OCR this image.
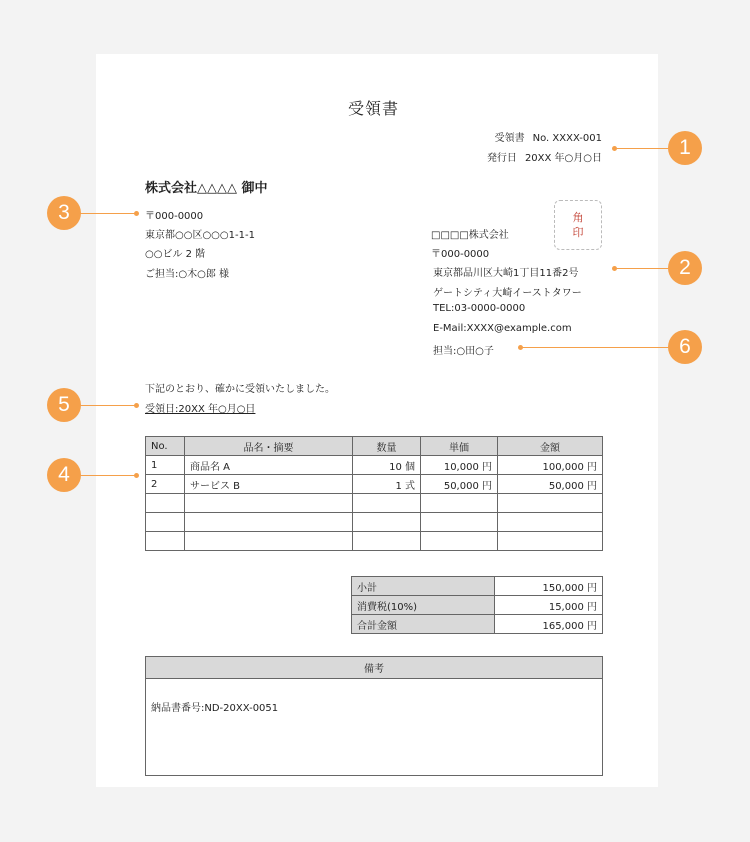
受領書
受領書 No. XXXX-001
発行日 20XX 年○月○日
株式会社△△△△ 御中
〒000-0000
東京都○○区○○○1-1-1
○○ビル 2 階
ご担当:○木○郎 様
角
印
□□□□株式会社
〒000-0000
東京都品川区大崎1丁目11番2号
ゲートシティ大崎イーストタワー
TEL:03-0000-0000
E-Mail:XXXX@example.com
担当:○田○子
下記のとおり、確かに受領いたしました。
受領日:20XX 年○月○日
No.	品名・摘要	数量	単価	金額
1	商品名 A	10 個	10,000 円	100,000 円
2	サービス B	1 式	50,000 円	50,000 円

小計	150,000 円
消費税(10%)	15,000 円
合計金額	165,000 円
備考
納品書番号:ND-20XX-0051
1
2
3
4
5
6
